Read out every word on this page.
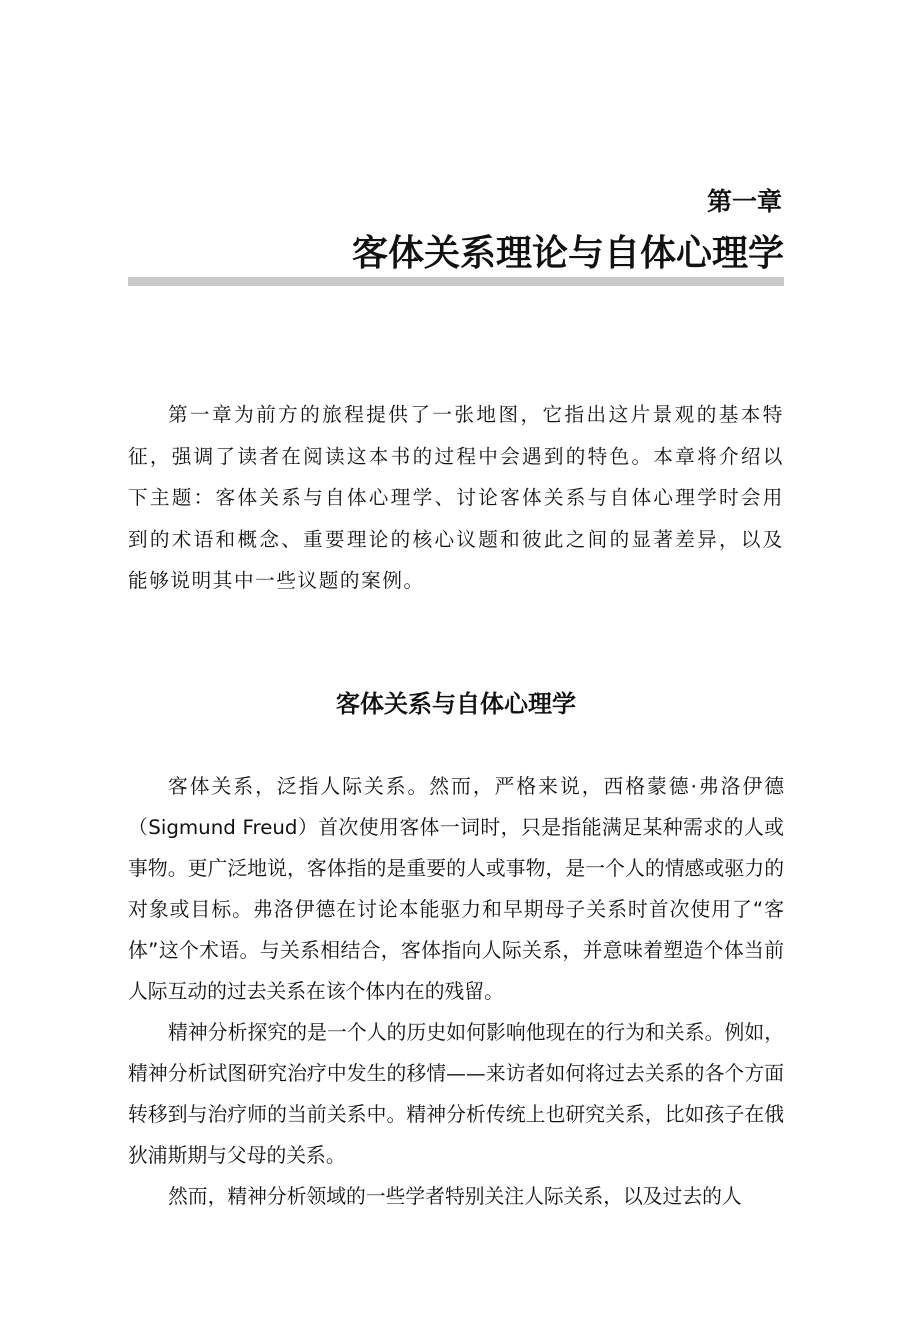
第一章
客体关系理论与自体心理学

第一章为前方的旅程提供了一张地图，它指出这片景观的基本特征，强调了读者在阅读这本书的过程中会遇到的特色。本章将介绍以下主题：客体关系与自体心理学、讨论客体关系与自体心理学时会用到的术语和概念、重要理论的核心议题和彼此之间的显著差异，以及能够说明其中一些议题的案例。

客体关系与自体心理学

客体关系，泛指人际关系。然而，严格来说，西格蒙德·弗洛伊德（Sigmund Freud）首次使用客体一词时，只是指能满足某种需求的人或事物。更广泛地说，客体指的是重要的人或事物，是一个人的情感或驱力的对象或目标。弗洛伊德在讨论本能驱力和早期母子关系时首次使用了“客体”这个术语。与关系相结合，客体指向人际关系，并意味着塑造个体当前人际互动的过去关系在该个体内在的残留。

精神分析探究的是一个人的历史如何影响他现在的行为和关系。例如，精神分析试图研究治疗中发生的移情——来访者如何将过去关系的各个方面转移到与治疗师的当前关系中。精神分析传统上也研究关系，比如孩子在俄狄浦斯期与父母的关系。

然而，精神分析领域的一些学者特别关注人际关系，以及过去的人
